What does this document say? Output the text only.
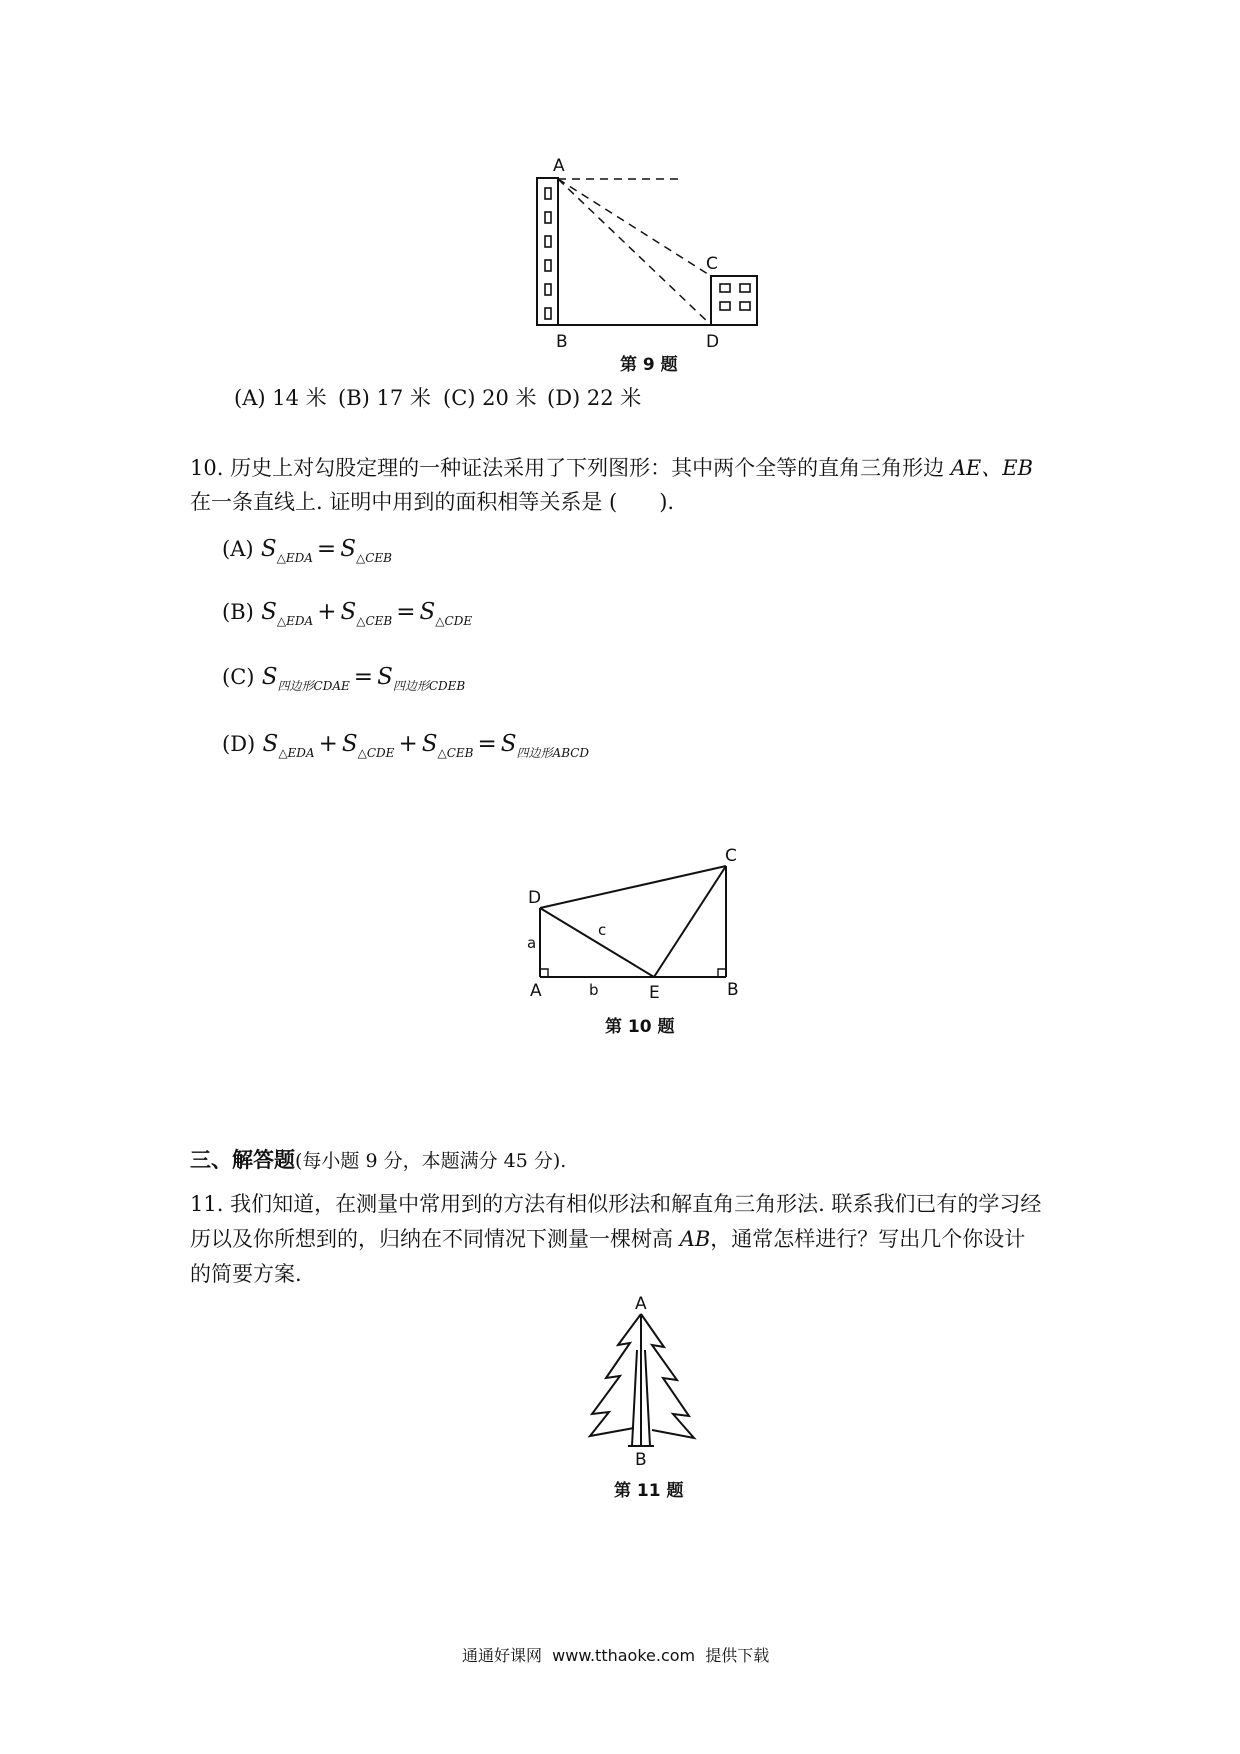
A
C
B	D
第 9 题
(A) 14 米 (B) 17 米 (C) 20 米 (D) 22 米
10. 历史上对勾股定理的一种证法采用了下列图形：其中两个全等的直角三角形边 AE、EB
在一条直线上. 证明中用到的面积相等关系是 (　　).
(A) $S_{\triangle EDA} = S_{\triangle CEB}$
(B) $S_{\triangle EDA} + S_{\triangle CEB} = S_{\triangle CDE}$
(C) $S_{四边形CDAE} = S_{四边形CDEB}$
(D) $S_{\triangle EDA} + S_{\triangle CDE} + S_{\triangle CEB} = S_{四边形ABCD}$
C
D
c
a
A	b	E	B
第 10 题
三、解答题(每小题 9 分，本题满分 45 分).
11. 我们知道，在测量中常用到的方法有相似形法和解直角三角形法. 联系我们已有的学习经
历以及你所想到的，归纳在不同情况下测量一棵树高 AB，通常怎样进行？写出几个你设计
的简要方案.
A
B
第 11 题
通通好课网  www.tthaoke.com  提供下载
